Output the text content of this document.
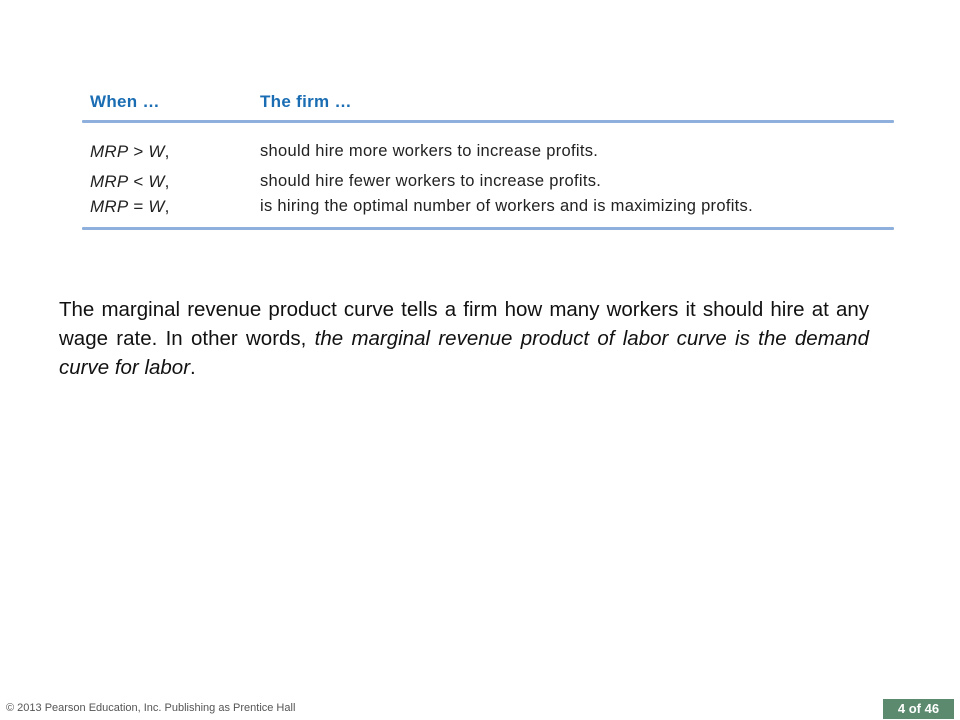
When …	The firm …
MRP > W,	should hire more workers to increase profits.
MRP < W,	should hire fewer workers to increase profits.
MRP = W,	is hiring the optimal number of workers and is maximizing profits.
The marginal revenue product curve tells a firm how many workers it should hire at any wage rate. In other words, the marginal revenue product of labor curve is the demand curve for labor.
© 2013 Pearson Education, Inc. Publishing as Prentice Hall	4 of 46
